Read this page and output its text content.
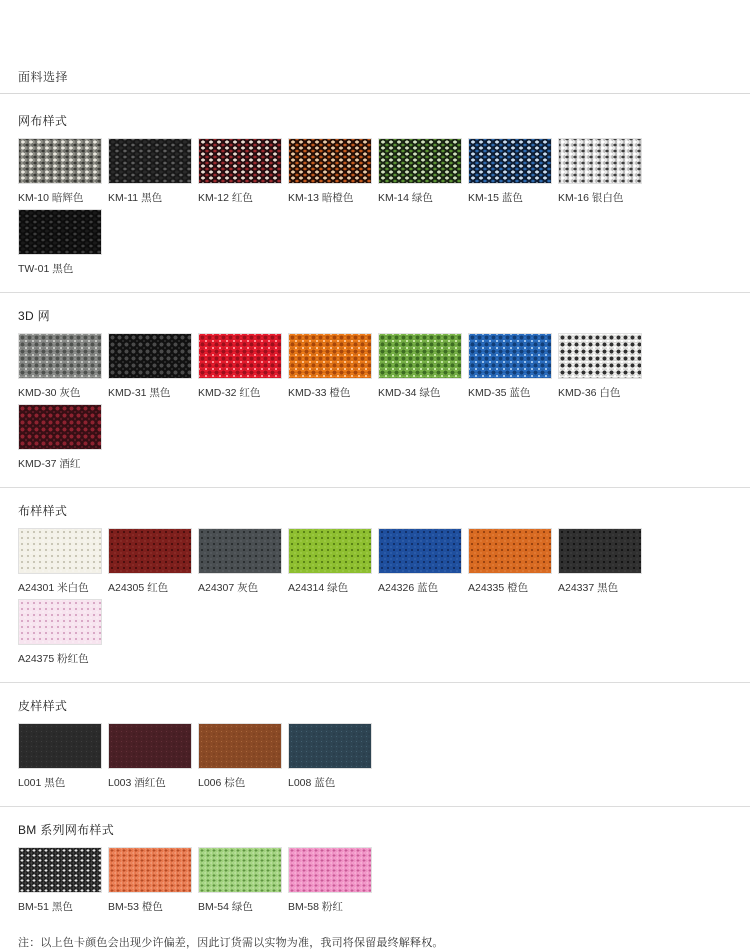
面料选择
网布样式
KM-10 暗辉色	KM-11 黑色	KM-12 红色	KM-13 暗橙色	KM-14 绿色	KM-15 蓝色	KM-16 银白色
TW-01 黑色
3D 网
KMD-30 灰色	KMD-31 黑色	KMD-32 红色	KMD-33 橙色	KMD-34 绿色	KMD-35 蓝色	KMD-36 白色
KMD-37 酒红
布样样式
A24301 米白色	A24305 红色	A24307 灰色	A24314 绿色	A24326 蓝色	A24335 橙色	A24337 黑色
A24375 粉红色
皮样样式
L001 黑色	L003 酒红色	L006 棕色	L008 蓝色
BM 系列网布样式
BM-51 黑色	BM-53 橙色	BM-54 绿色	BM-58 粉红
注：以上色卡颜色会出现少许偏差，因此订货需以实物为准，我司将保留最终解释权。
